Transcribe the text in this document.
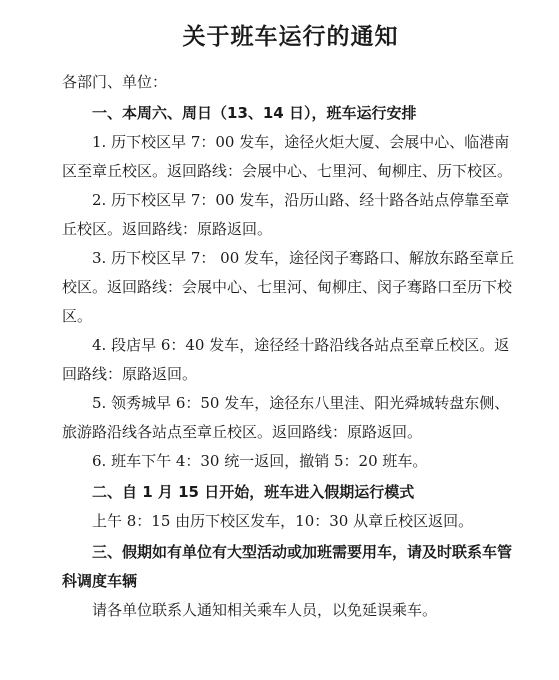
关于班车运行的通知
各部门、单位：
一、本周六、周日（13、14 日），班车运行安排

1. 历下校区早 7：00 发车，途径火炬大厦、会展中心、临港南区至章丘校区。返回路线：会展中心、七里河、甸柳庄、历下校区。

2. 历下校区早 7：00 发车，沿历山路、经十路各站点停靠至章丘校区。返回路线：原路返回。

3. 历下校区早 7： 00 发车，途径闵子骞路口、解放东路至章丘校区。返回路线：会展中心、七里河、甸柳庄、闵子骞路口至历下校区。

4. 段店早 6：40 发车，途径经十路沿线各站点至章丘校区。返回路线：原路返回。

5. 领秀城早 6：50 发车，途径东八里洼、阳光舜城转盘东侧、旅游路沿线各站点至章丘校区。返回路线：原路返回。

6. 班车下午 4：30 统一返回，撤销 5：20 班车。

二、自 1 月 15 日开始，班车进入假期运行模式

上午 8：15 由历下校区发车，10：30 从章丘校区返回。

三、假期如有单位有大型活动或加班需要用车，请及时联系车管科调度车辆

请各单位联系人通知相关乘车人员，以免延误乘车。
